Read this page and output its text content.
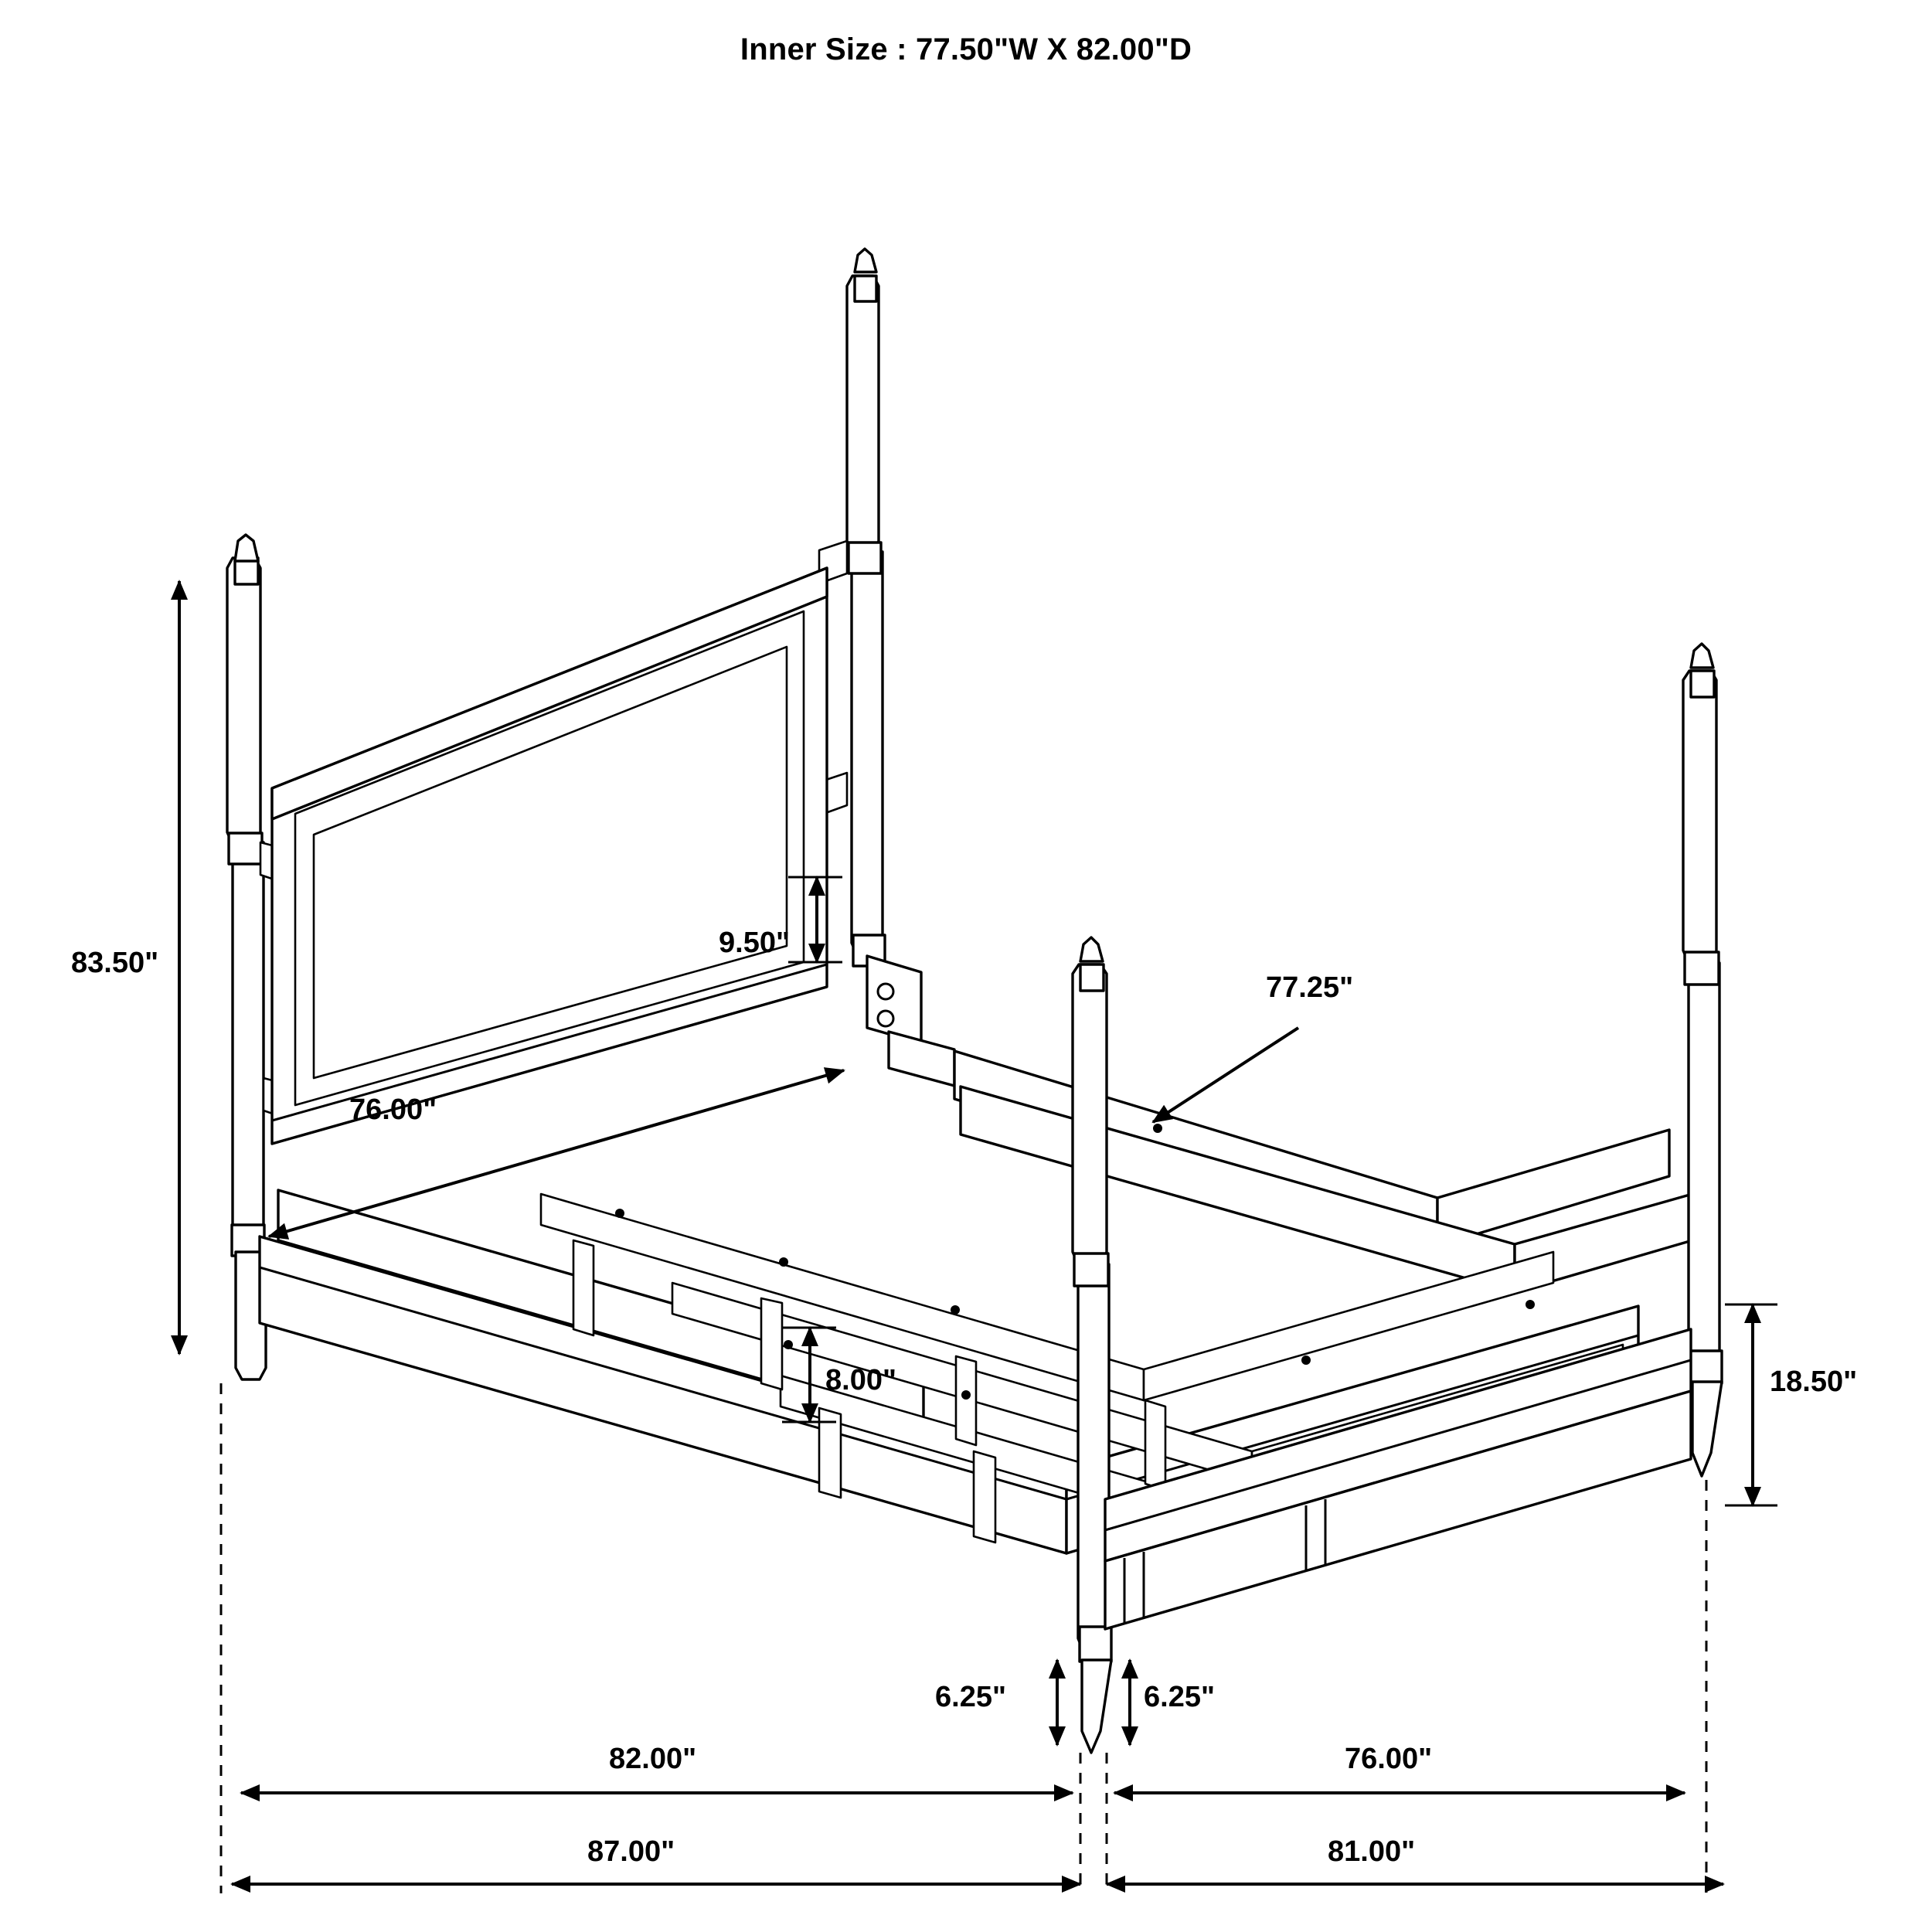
Inner Size : 77.50"W X 82.00"D
83.50"
9.50"
76.00"
77.25"
8.00"	18.50"
6.25"	6.25"
82.00"	76.00"
87.00"	81.00"
